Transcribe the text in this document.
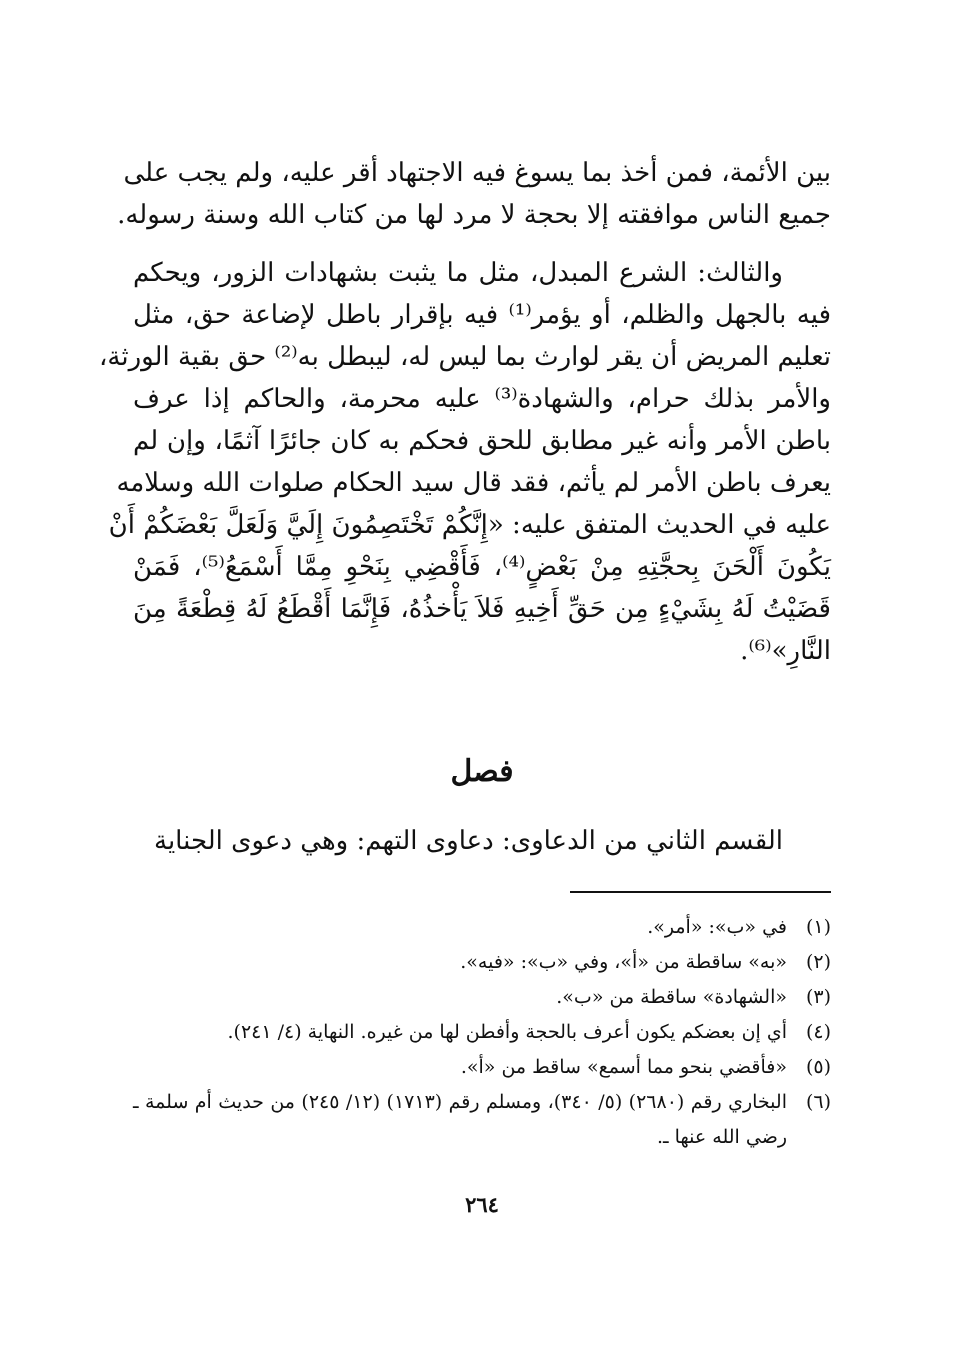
بين الأئمة، فمن أخذ بما يسوغ فيه الاجتهاد أقر عليه، ولم يجب على
جميع الناس موافقته إلا بحجة لا مرد لها من كتاب الله وسنة رسوله.

والثالث: الشرع المبدل، مثل ما يثبت بشهادات الزور، ويحكم
فيه بالجهل والظلم، أو يؤمر⁽¹⁾ فيه بإقرار باطل لإضاعة حق، مثل
تعليم المريض أن يقر لوارث بما ليس له، ليبطل به⁽²⁾ حق بقية الورثة،
والأمر بذلك حرام، والشهادة⁽³⁾ عليه محرمة، والحاكم إذا عرف
باطن الأمر وأنه غير مطابق للحق فحكم به كان جائرًا آثمًا، وإن لم
يعرف باطن الأمر لم يأثم، فقد قال سيد الحكام صلوات الله وسلامه
عليه في الحديث المتفق عليه: «إِنَّكُمْ تَخْتَصِمُونَ إِلَيَّ وَلَعَلَّ بَعْضَكُمْ أَنْ
يَكُونَ أَلْحَنَ بِحجَّتِهِ مِنْ بَعْضٍ⁽⁴⁾، فَأَقْضِي بِنَحْوِ مِمَّا أَسْمَعُ⁽⁵⁾، فَمَنْ
قَضَيْتُ لَهُ بِشَيْءٍ مِن حَقِّ أَخِيهِ فَلاَ يَأْخذُهُ، فَإِنَّمَا أَقْطَعُ لَهُ قِطْعَةً مِنَ
النَّارِ»⁽⁶⁾.

فصل
القسم الثاني من الدعاوى: دعاوى التهم: وهي دعوى الجناية
(١)
في «ب»: «أمر».
(٢)
«به» ساقطة من «أ»، وفي «ب»: «فيه».
(٣)
«الشهادة» ساقطة من «ب».
(٤)
أي إن بعضكم يكون أعرف بالحجة وأفطن لها من غيره. النهاية (٤/ ٢٤١).
(٥)
«فأقضي بنحو مما أسمع» ساقط من «أ».
(٦)
البخاري رقم (٢٦٨٠) (٥/ ٣٤٠)، ومسلم رقم (١٧١٣) (١٢/ ٢٤٥) من حديث أم سلمة ـ رضي الله عنها ـ.
٢٦٤
